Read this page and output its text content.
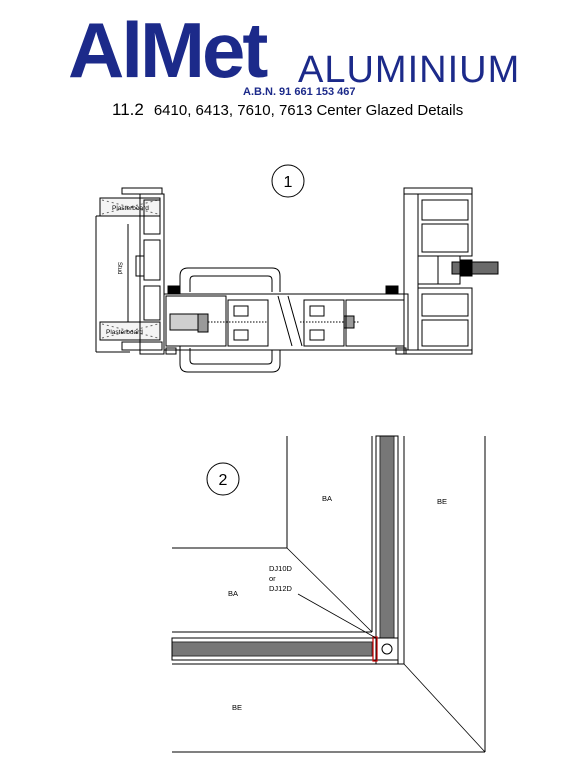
AlMet ALUMINIUM
A.B.N. 91 661 153 467
11.2 6410, 6413, 7610, 7613 Center Glazed Details
1
Stud
Plasterboard
Plasterboard
2
BA	BE
BA
BE
DJ10D
or
DJ12D
